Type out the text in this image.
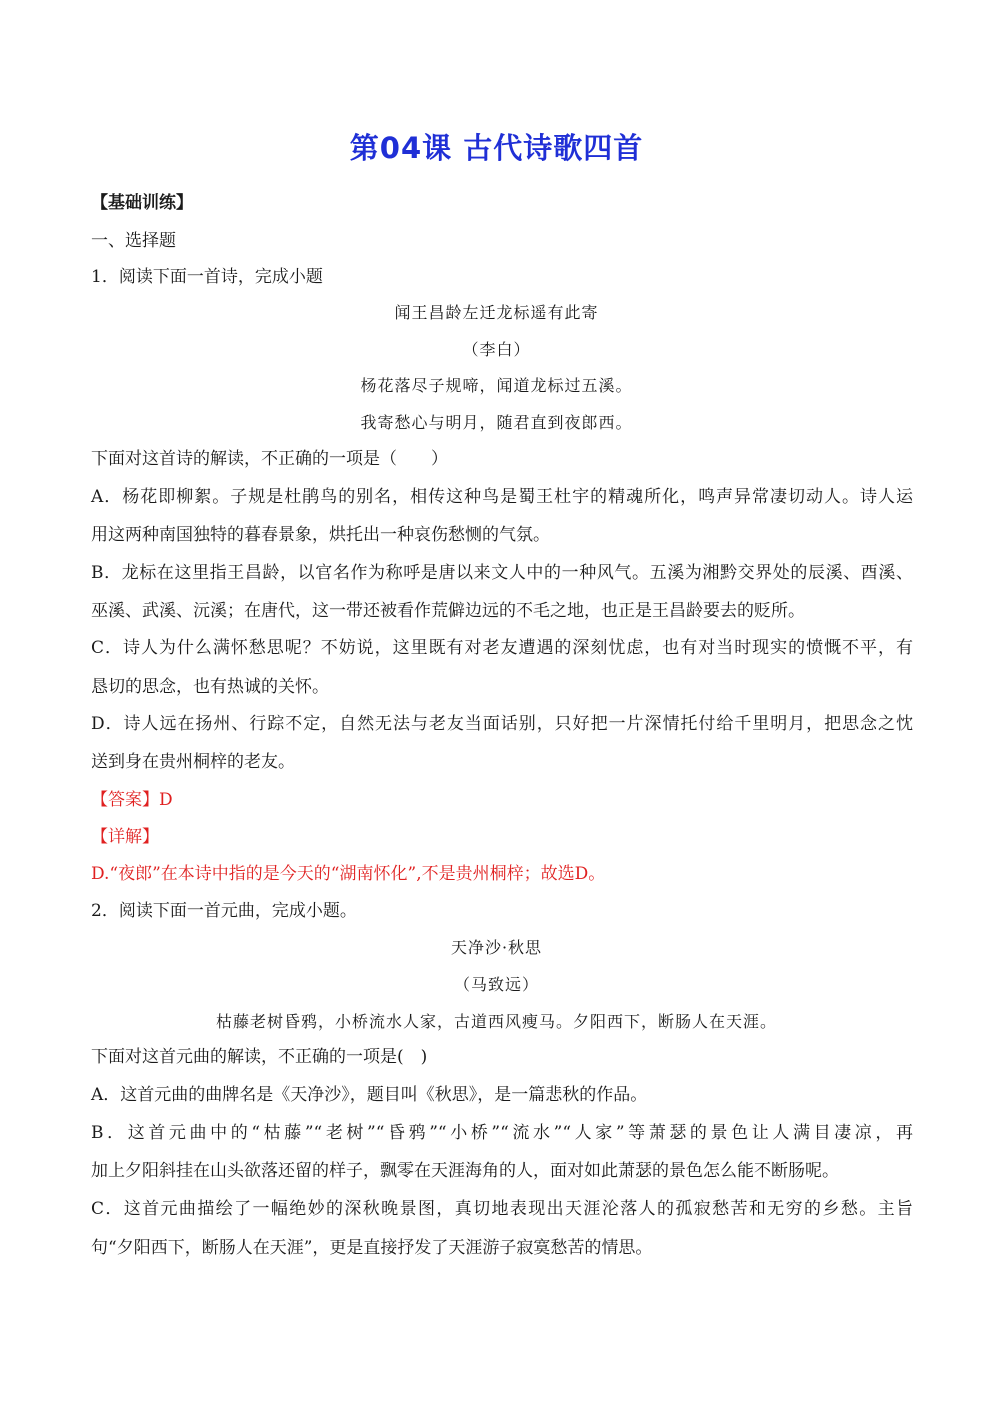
第04课 古代诗歌四首
【基础训练】
一、选择题
1．阅读下面一首诗，完成小题
闻王昌龄左迁龙标遥有此寄
（李白）
杨花落尽子规啼，闻道龙标过五溪。
我寄愁心与明月，随君直到夜郎西。
下面对这首诗的解读，不正确的一项是（　　）
A．杨花即柳絮。子规是杜鹃鸟的别名，相传这种鸟是蜀王杜宇的精魂所化，鸣声异常凄切动人。诗人运
用这两种南国独特的暮春景象，烘托出一种哀伤愁恻的气氛。
B．龙标在这里指王昌龄，以官名作为称呼是唐以来文人中的一种风气。五溪为湘黔交界处的辰溪、酉溪、
巫溪、武溪、沅溪；在唐代，这一带还被看作荒僻边远的不毛之地，也正是王昌龄要去的贬所。
C．诗人为什么满怀愁思呢？不妨说，这里既有对老友遭遇的深刻忧虑，也有对当时现实的愤慨不平，有
恳切的思念，也有热诚的关怀。
D．诗人远在扬州、行踪不定，自然无法与老友当面话别，只好把一片深情托付给千里明月，把思念之忱
送到身在贵州桐梓的老友。
【答案】D
【详解】
D.“夜郎”在本诗中指的是今天的“湖南怀化”,不是贵州桐梓；故选D。
2．阅读下面一首元曲，完成小题。
天净沙·秋思
（马致远）
枯藤老树昏鸦，小桥流水人家，古道西风瘦马。夕阳西下，断肠人在天涯。
下面对这首元曲的解读，不正确的一项是(　)
A．这首元曲的曲牌名是《天净沙》，题目叫《秋思》，是一篇悲秋的作品。
B．这首元曲中的“枯藤”“老树”“昏鸦”“小桥”“流水”“人家”等萧瑟的景色让人满目凄凉，再
加上夕阳斜挂在山头欲落还留的样子，飘零在天涯海角的人，面对如此萧瑟的景色怎么能不断肠呢。
C．这首元曲描绘了一幅绝妙的深秋晚景图，真切地表现出天涯沦落人的孤寂愁苦和无穷的乡愁。主旨
句“夕阳西下，断肠人在天涯”，更是直接抒发了天涯游子寂寞愁苦的情思。
